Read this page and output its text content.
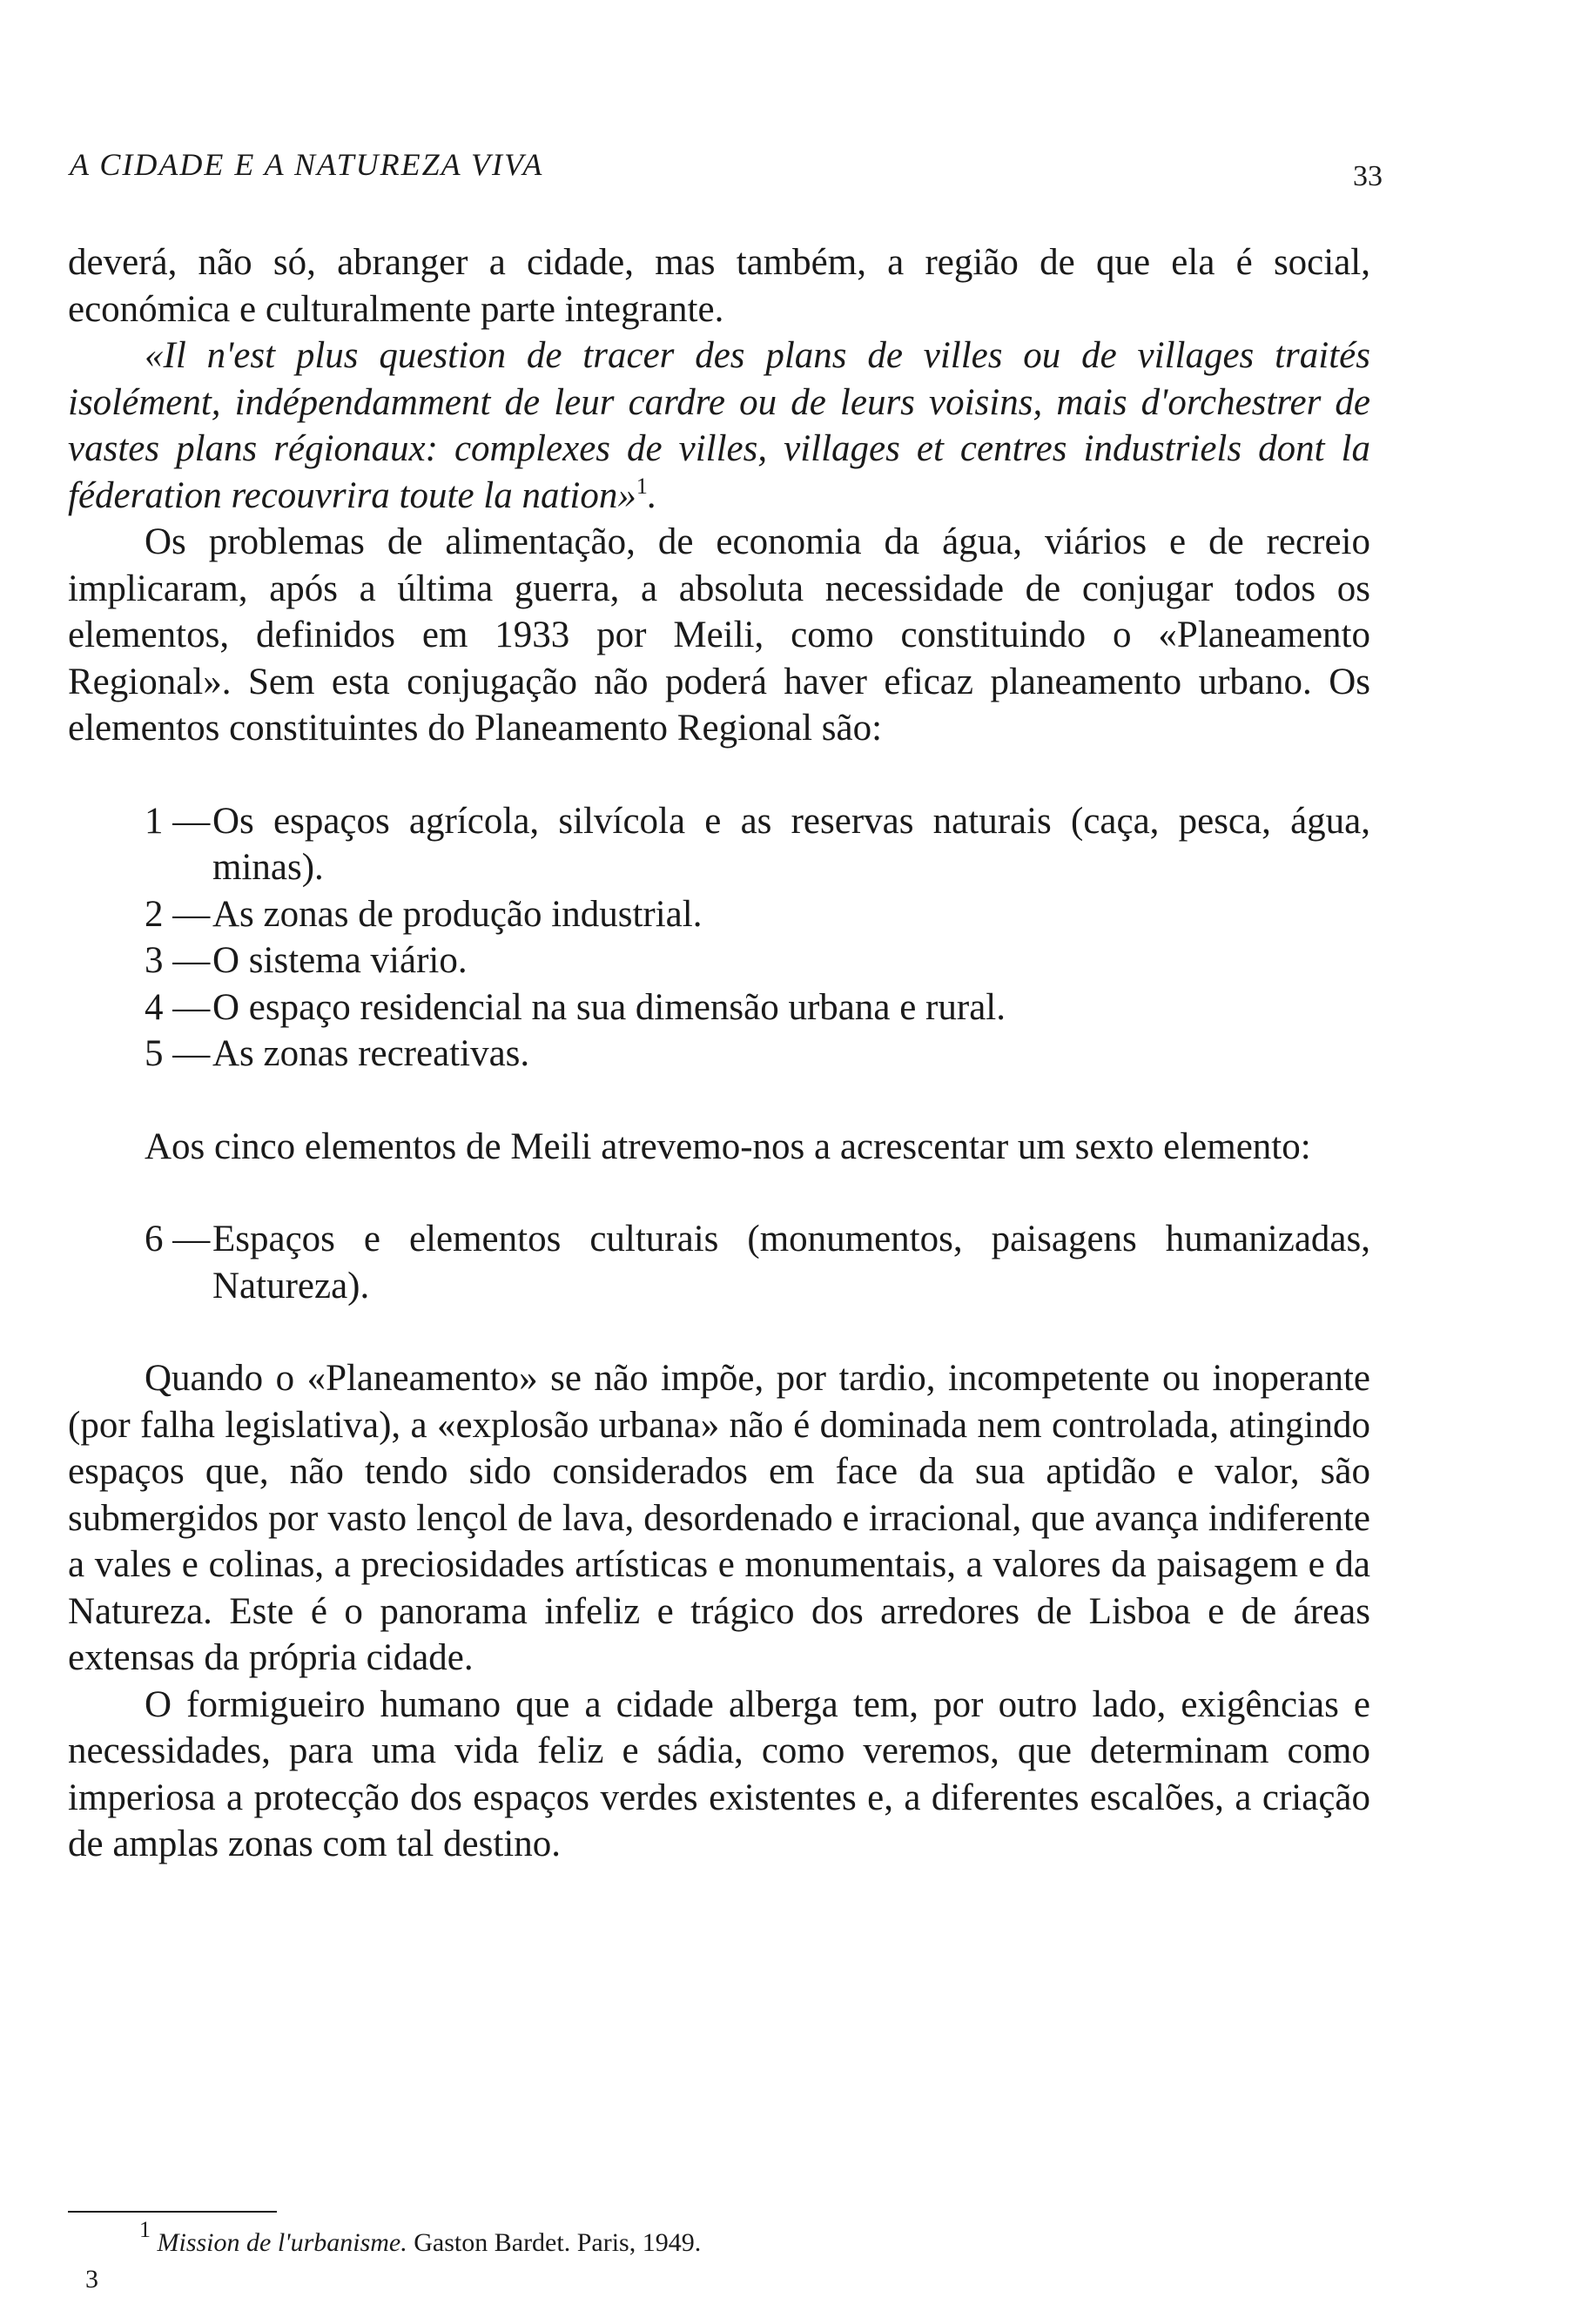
A CIDADE E A NATUREZA VIVA	33

deverá, não só, abranger a cidade, mas também, a região de que ela é social, económica e culturalmente parte integrante.

«Il n'est plus question de tracer des plans de villes ou de villages traités isolément, indépendamment de leur cardre ou de leurs voisins, mais d'orchestrer de vastes plans régionaux: complexes de villes, villages et centres industriels dont la féderation recouvrira toute la nation»$^1$.

Os problemas de alimentação, de economia da água, viários e de recreio implicaram, após a última guerra, a absoluta necessidade de conjugar todos os elementos, definidos em 1933 por Meili, como constituindo o «Planeamento Regional». Sem esta conjugação não poderá haver eficaz planeamento urbano. Os elementos constituintes do Planeamento Regional são:

1 — Os espaços agrícola, silvícola e as reservas naturais (caça, pesca, água, minas).
2 — As zonas de produção industrial.
3 — O sistema viário.
4 — O espaço residencial na sua dimensão urbana e rural.
5 — As zonas recreativas.

Aos cinco elementos de Meili atrevemo-nos a acrescentar um sexto elemento:

6 — Espaços e elementos culturais (monumentos, paisagens humanizadas, Natureza).

Quando o «Planeamento» se não impõe, por tardio, incompetente ou inoperante (por falha legislativa), a «explosão urbana» não é dominada nem controlada, atingindo espaços que, não tendo sido considerados em face da sua aptidão e valor, são submergidos por vasto lençol de lava, desordenado e irracional, que avança indiferente a vales e colinas, a preciosidades artísticas e monumentais, a valores da paisagem e da Natureza. Este é o panorama infeliz e trágico dos arredores de Lisboa e de áreas extensas da própria cidade.

O formigueiro humano que a cidade alberga tem, por outro lado, exigências e necessidades, para uma vida feliz e sádia, como veremos, que determinam como imperiosa a protecção dos espaços verdes existentes e, a diferentes escalões, a criação de amplas zonas com tal destino.

1 Mission de l'urbanisme. Gaston Bardet. Paris, 1949.
3
